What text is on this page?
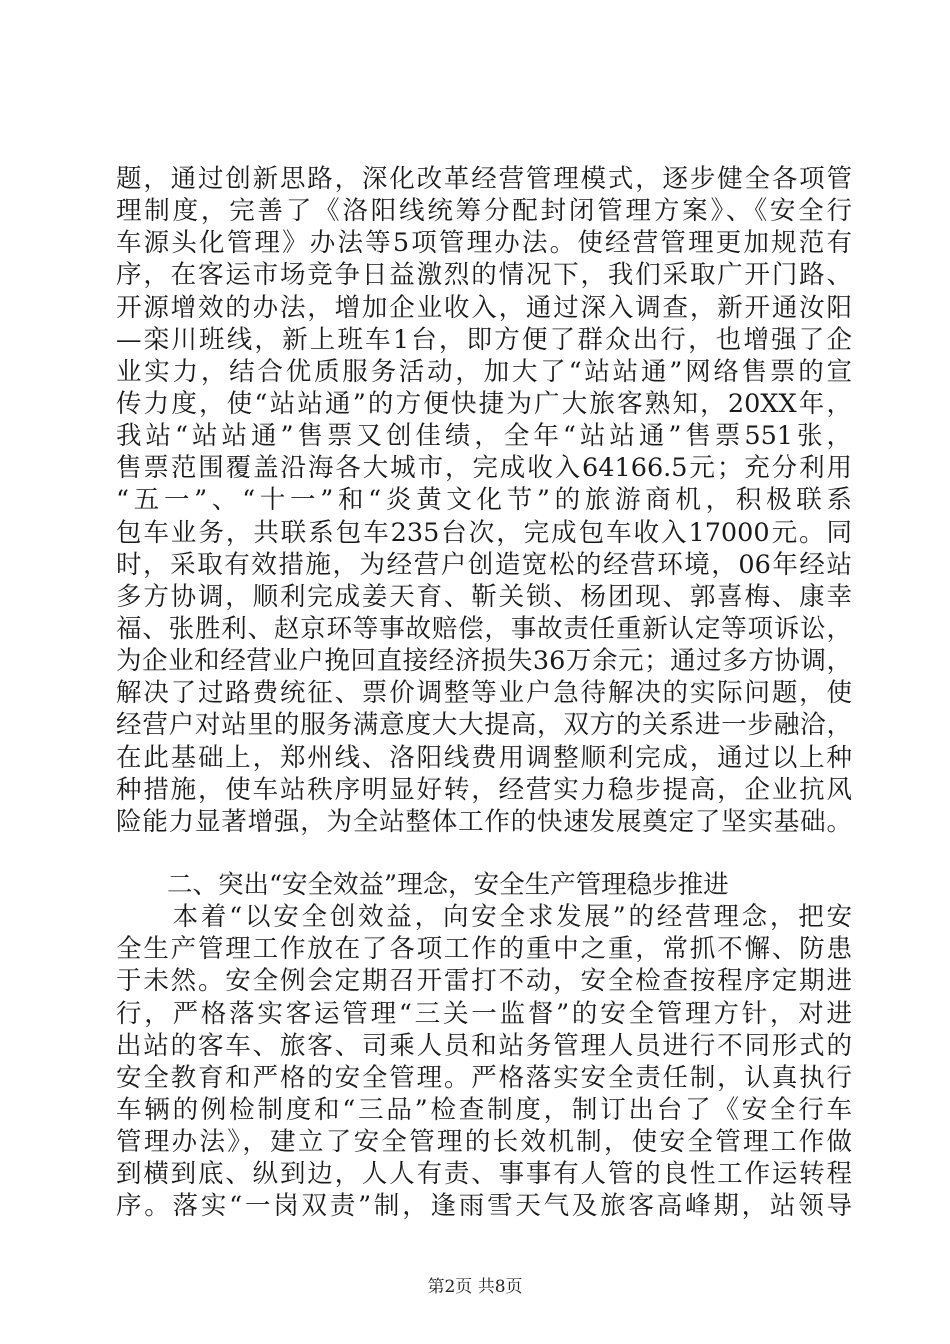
题，通过创新思路，深化改革经营管理模式，逐步健全各项管
理制度，完善了《洛阳线统筹分配封闭管理方案》、《安全行
车源头化管理》办法等5项管理办法。使经营管理更加规范有
序，在客运市场竞争日益激烈的情况下，我们采取广开门路、
开源增效的办法，增加企业收入，通过深入调查，新开通汝阳
—栾川班线，新上班车1台，即方便了群众出行，也增强了企
业实力，结合优质服务活动，加大了“站站通”网络售票的宣
传力度，使“站站通”的方便快捷为广大旅客熟知，20XX年，
我站“站站通”售票又创佳绩，全年“站站通”售票551张，
售票范围覆盖沿海各大城市，完成收入64166.5元；充分利用
“五一”、“十一”和“炎黄文化节”的旅游商机，积极联系
包车业务，共联系包车235台次，完成包车收入17000元。同
时，采取有效措施，为经营户创造宽松的经营环境，06年经站
多方协调，顺利完成姜天育、靳关锁、杨团现、郭喜梅、康幸
福、张胜利、赵京环等事故赔偿，事故责任重新认定等项诉讼，
为企业和经营业户挽回直接经济损失36万余元；通过多方协调，
解决了过路费统征、票价调整等业户急待解决的实际问题，使
经营户对站里的服务满意度大大提高，双方的关系进一步融洽，
在此基础上，郑州线、洛阳线费用调整顺利完成，通过以上种
种措施，使车站秩序明显好转，经营实力稳步提高，企业抗风
险能力显著增强，为全站整体工作的快速发展奠定了坚实基础。
　　二、突出“安全效益”理念，安全生产管理稳步推进
　　本着“以安全创效益，向安全求发展”的经营理念，把安
全生产管理工作放在了各项工作的重中之重，常抓不懈、防患
于未然。安全例会定期召开雷打不动，安全检查按程序定期进
行，严格落实客运管理“三关一监督”的安全管理方针，对进
出站的客车、旅客、司乘人员和站务管理人员进行不同形式的
安全教育和严格的安全管理。严格落实安全责任制，认真执行
车辆的例检制度和“三品”检查制度，制订出台了《安全行车
管理办法》，建立了安全管理的长效机制，使安全管理工作做
到横到底、纵到边，人人有责、事事有人管的良性工作运转程
序。落实“一岗双责”制，逢雨雪天气及旅客高峰期，站领导
第2页 共8页
